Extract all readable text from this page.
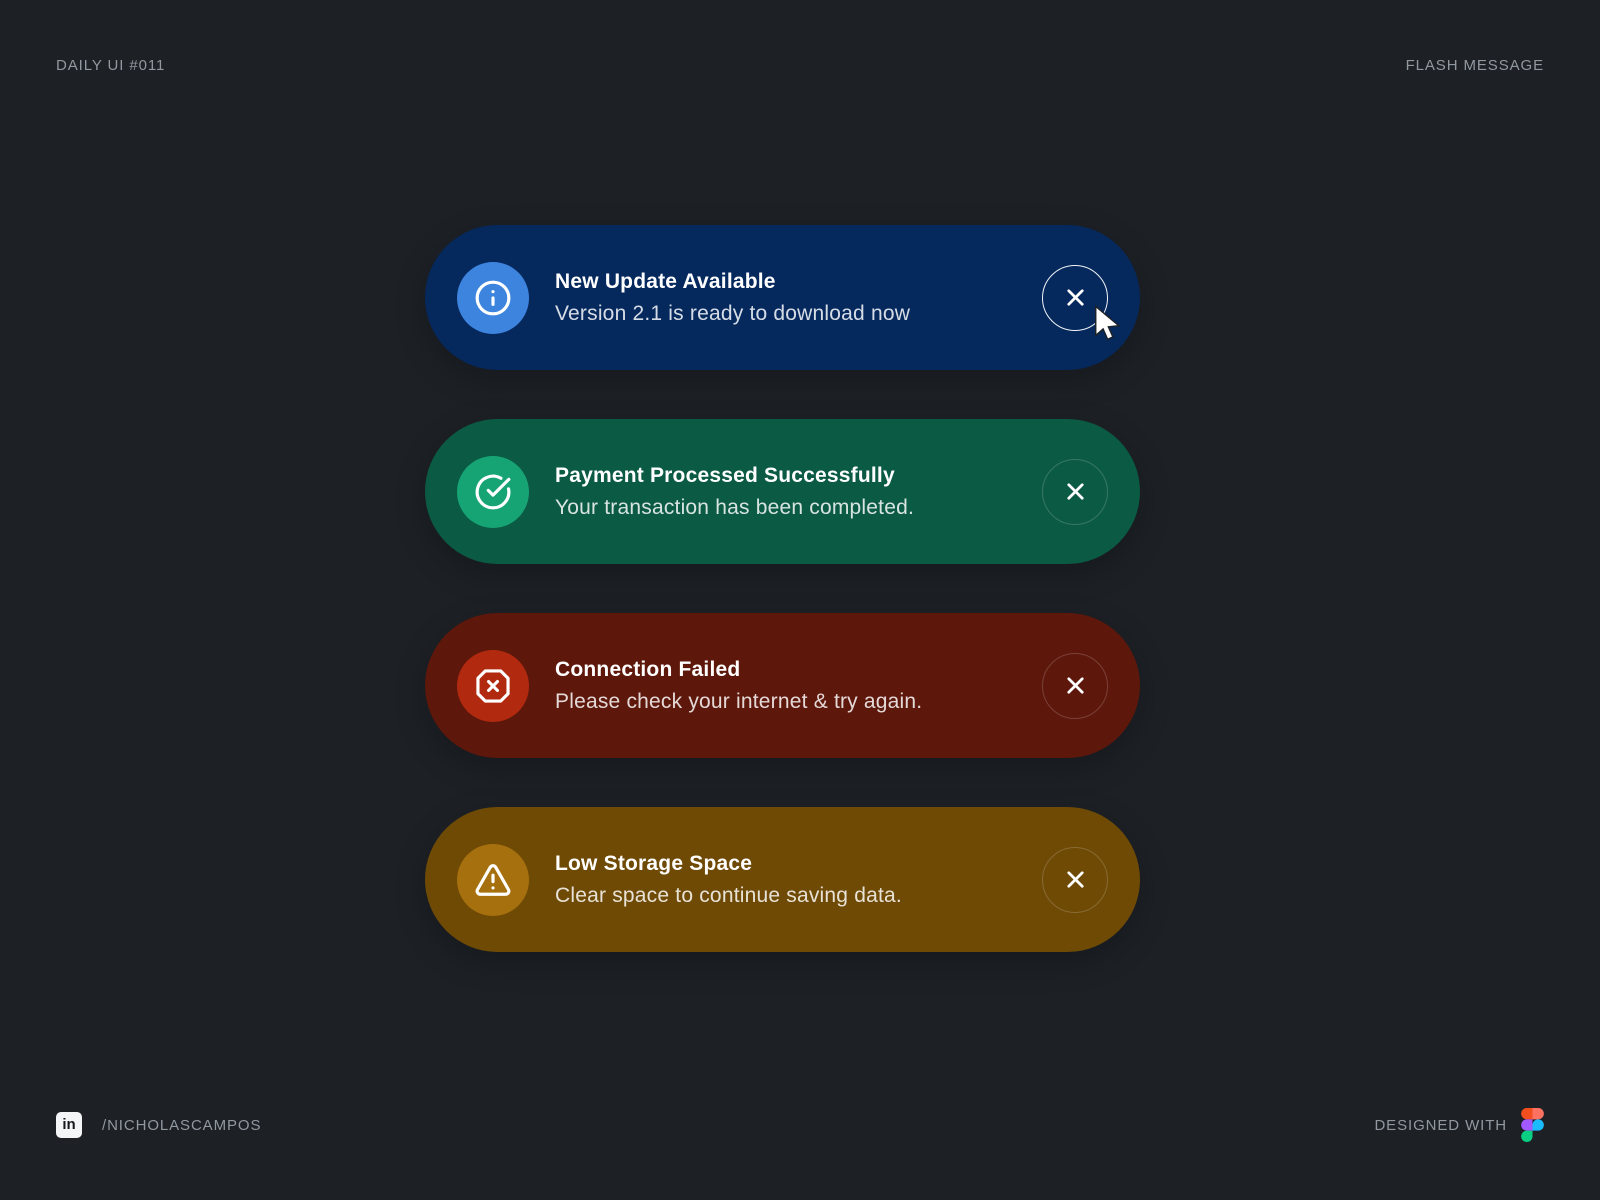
DAILY UI #011	FLASH MESSAGE
New Update Available
Version 2.1 is ready to download now
Payment Processed Successfully
Your transaction has been completed.
Connection Failed
Please check your internet & try again.
Low Storage Space
Clear space to continue saving data.
in	/NICHOLASCAMPOS	DESIGNED WITH
